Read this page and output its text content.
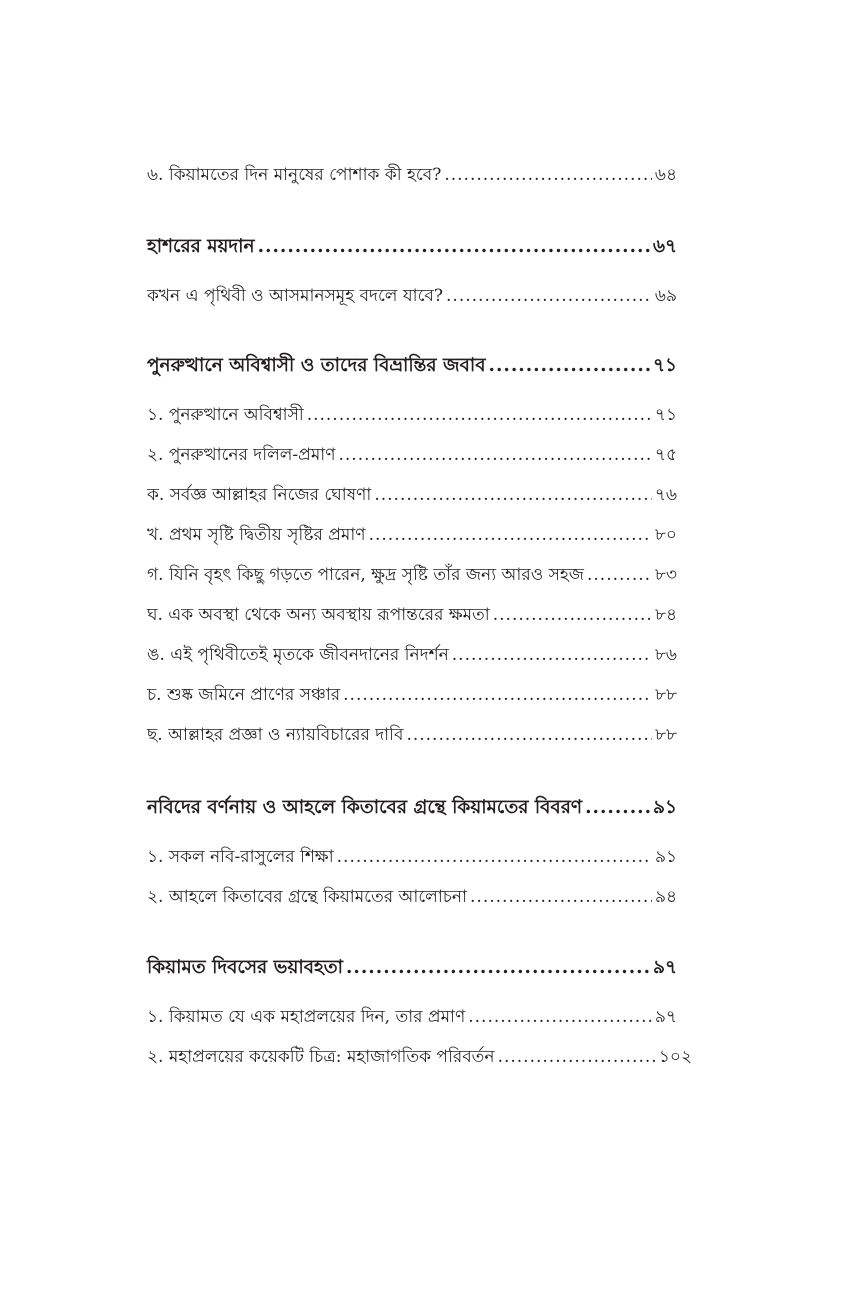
৬. কিয়ামতের দিন মানুষের পোশাক কী হবে? .....	৬৪
হাশরের ময়দান .....	৬৭
কখন এ পৃথিবী ও আসমানসমূহ বদলে যাবে? .....	৬৯
পুনরুত্থানে অবিশ্বাসী ও তাদের বিভ্রান্তির জবাব .....	৭১
১. পুনরুত্থানে অবিশ্বাসী .....	৭১
২. পুনরুত্থানের দলিল-প্রমাণ .....	৭৫
ক. সর্বজ্ঞ আল্লাহর নিজের ঘোষণা .....	৭৬
খ. প্রথম সৃষ্টি দ্বিতীয় সৃষ্টির প্রমাণ .....	৮০
গ. যিনি বৃহৎ কিছু গড়তে পারেন, ক্ষুদ্র সৃষ্টি তাঁর জন্য আরও সহজ .....	৮৩
ঘ. এক অবস্থা থেকে অন্য অবস্থায় রূপান্তরের ক্ষমতা .....	৮৪
ঙ. এই পৃথিবীতেই মৃতকে জীবনদানের নিদর্শন .....	৮৬
চ. শুষ্ক জমিনে প্রাণের সঞ্চার .....	৮৮
ছ. আল্লাহর প্রজ্ঞা ও ন্যায়বিচারের দাবি .....	৮৮
নবিদের বর্ণনায় ও আহলে কিতাবের গ্রন্থে কিয়ামতের বিবরণ .....	৯১
১. সকল নবি-রাসুলের শিক্ষা .....	৯১
২. আহলে কিতাবের গ্রন্থে কিয়ামতের আলোচনা .....	৯৪
কিয়ামত দিবসের ভয়াবহতা .....	৯৭
১. কিয়ামত যে এক মহাপ্রলয়ের দিন, তার প্রমাণ .....	৯৭
২. মহাপ্রলয়ের কয়েকটি চিত্র: মহাজাগতিক পরিবর্তন .....	১০২
